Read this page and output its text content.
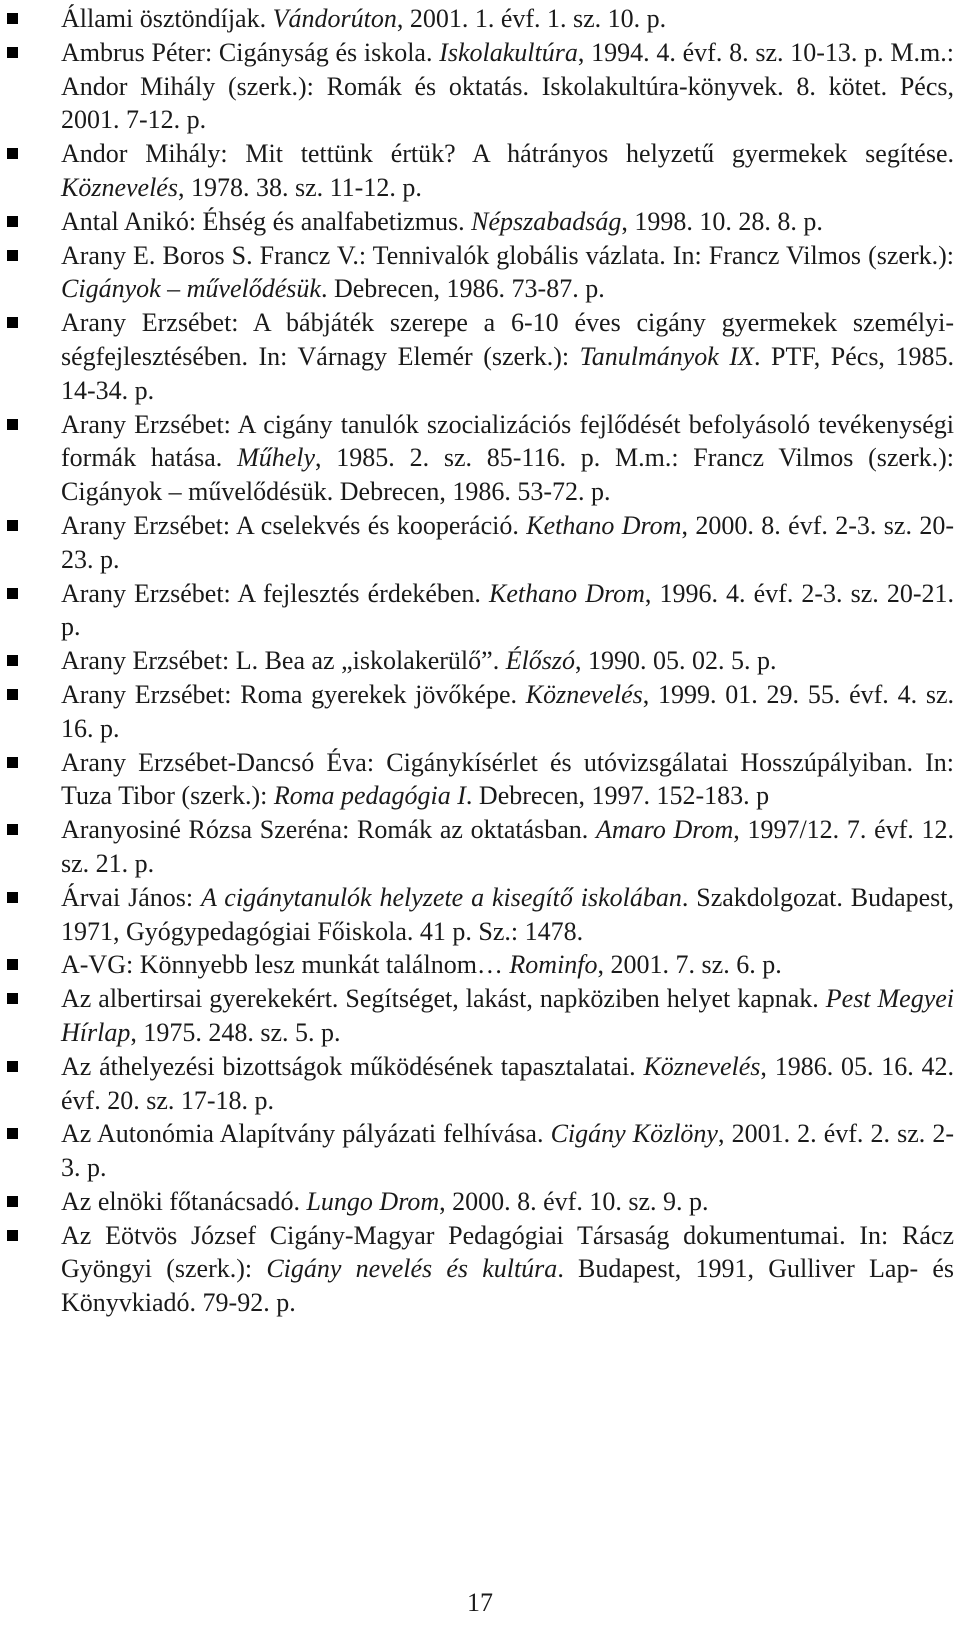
Állami ösztöndíjak. Vándorúton, 2001. 1. évf. 1. sz. 10. p.
Ambrus Péter: Cigányság és iskola. Iskolakultúra, 1994. 4. évf. 8. sz. 10-13. p. M.m.: Andor Mihály (szerk.): Romák és oktatás. Iskolakultúra-könyvek. 8. kötet. Pécs, 2001. 7-12. p.
Andor Mihály: Mit tettünk értük? A hátrányos helyzetű gyermekek segítése. Köznevelés, 1978. 38. sz. 11-12. p.
Antal Anikó: Éhség és analfabetizmus. Népszabadság, 1998. 10. 28. 8. p.
Arany E. Boros S. Francz V.: Tennivalók globális vázlata. In: Francz Vilmos (szerk.): Cigányok – művelődésük. Debrecen, 1986. 73-87. p.
Arany Erzsébet: A bábjáték szerepe a 6-10 éves cigány gyermekek személyi-ségfejlesztésében. In: Várnagy Elemér (szerk.): Tanulmányok IX. PTF, Pécs, 1985. 14-34. p.
Arany Erzsébet: A cigány tanulók szocializációs fejlődését befolyásoló tevékenységi formák hatása. Műhely, 1985. 2. sz. 85-116. p. M.m.: Francz Vilmos (szerk.): Cigányok – művelődésük. Debrecen, 1986. 53-72. p.
Arany Erzsébet: A cselekvés és kooperáció. Kethano Drom, 2000. 8. évf. 2-3. sz. 20-23. p.
Arany Erzsébet: A fejlesztés érdekében. Kethano Drom, 1996. 4. évf. 2-3. sz. 20-21. p.
Arany Erzsébet: L. Bea az „iskolakerülő”. Élőszó, 1990. 05. 02. 5. p.
Arany Erzsébet: Roma gyerekek jövőképe. Köznevelés, 1999. 01. 29. 55. évf. 4. sz. 16. p.
Arany Erzsébet-Dancsó Éva: Cigánykísérlet és utóvizsgálatai Hosszúpályiban. In: Tuza Tibor (szerk.): Roma pedagógia I. Debrecen, 1997. 152-183. p
Aranyosiné Rózsa Szeréna: Romák az oktatásban. Amaro Drom, 1997/12. 7. évf. 12. sz. 21. p.
Árvai János: A cigánytanulók helyzete a kisegítő iskolában. Szakdolgozat. Budapest, 1971, Gyógypedagógiai Főiskola. 41 p. Sz.: 1478.
A-VG: Könnyebb lesz munkát találnom… Rominfo, 2001. 7. sz. 6. p.
Az albertirsai gyerekekért. Segítséget, lakást, napköziben helyet kapnak. Pest Megyei Hírlap, 1975. 248. sz. 5. p.
Az áthelyezési bizottságok működésének tapasztalatai. Köznevelés, 1986. 05. 16. 42. évf. 20. sz. 17-18. p.
Az Autonómia Alapítvány pályázati felhívása. Cigány Közlöny, 2001. 2. évf. 2. sz. 2-3. p.
Az elnöki főtanácsadó. Lungo Drom, 2000. 8. évf. 10. sz. 9. p.
Az Eötvös József Cigány-Magyar Pedagógiai Társaság dokumentumai. In: Rácz Gyöngyi (szerk.): Cigány nevelés és kultúra. Budapest, 1991, Gulliver Lap- és Könyvkiadó. 79-92. p.
17
